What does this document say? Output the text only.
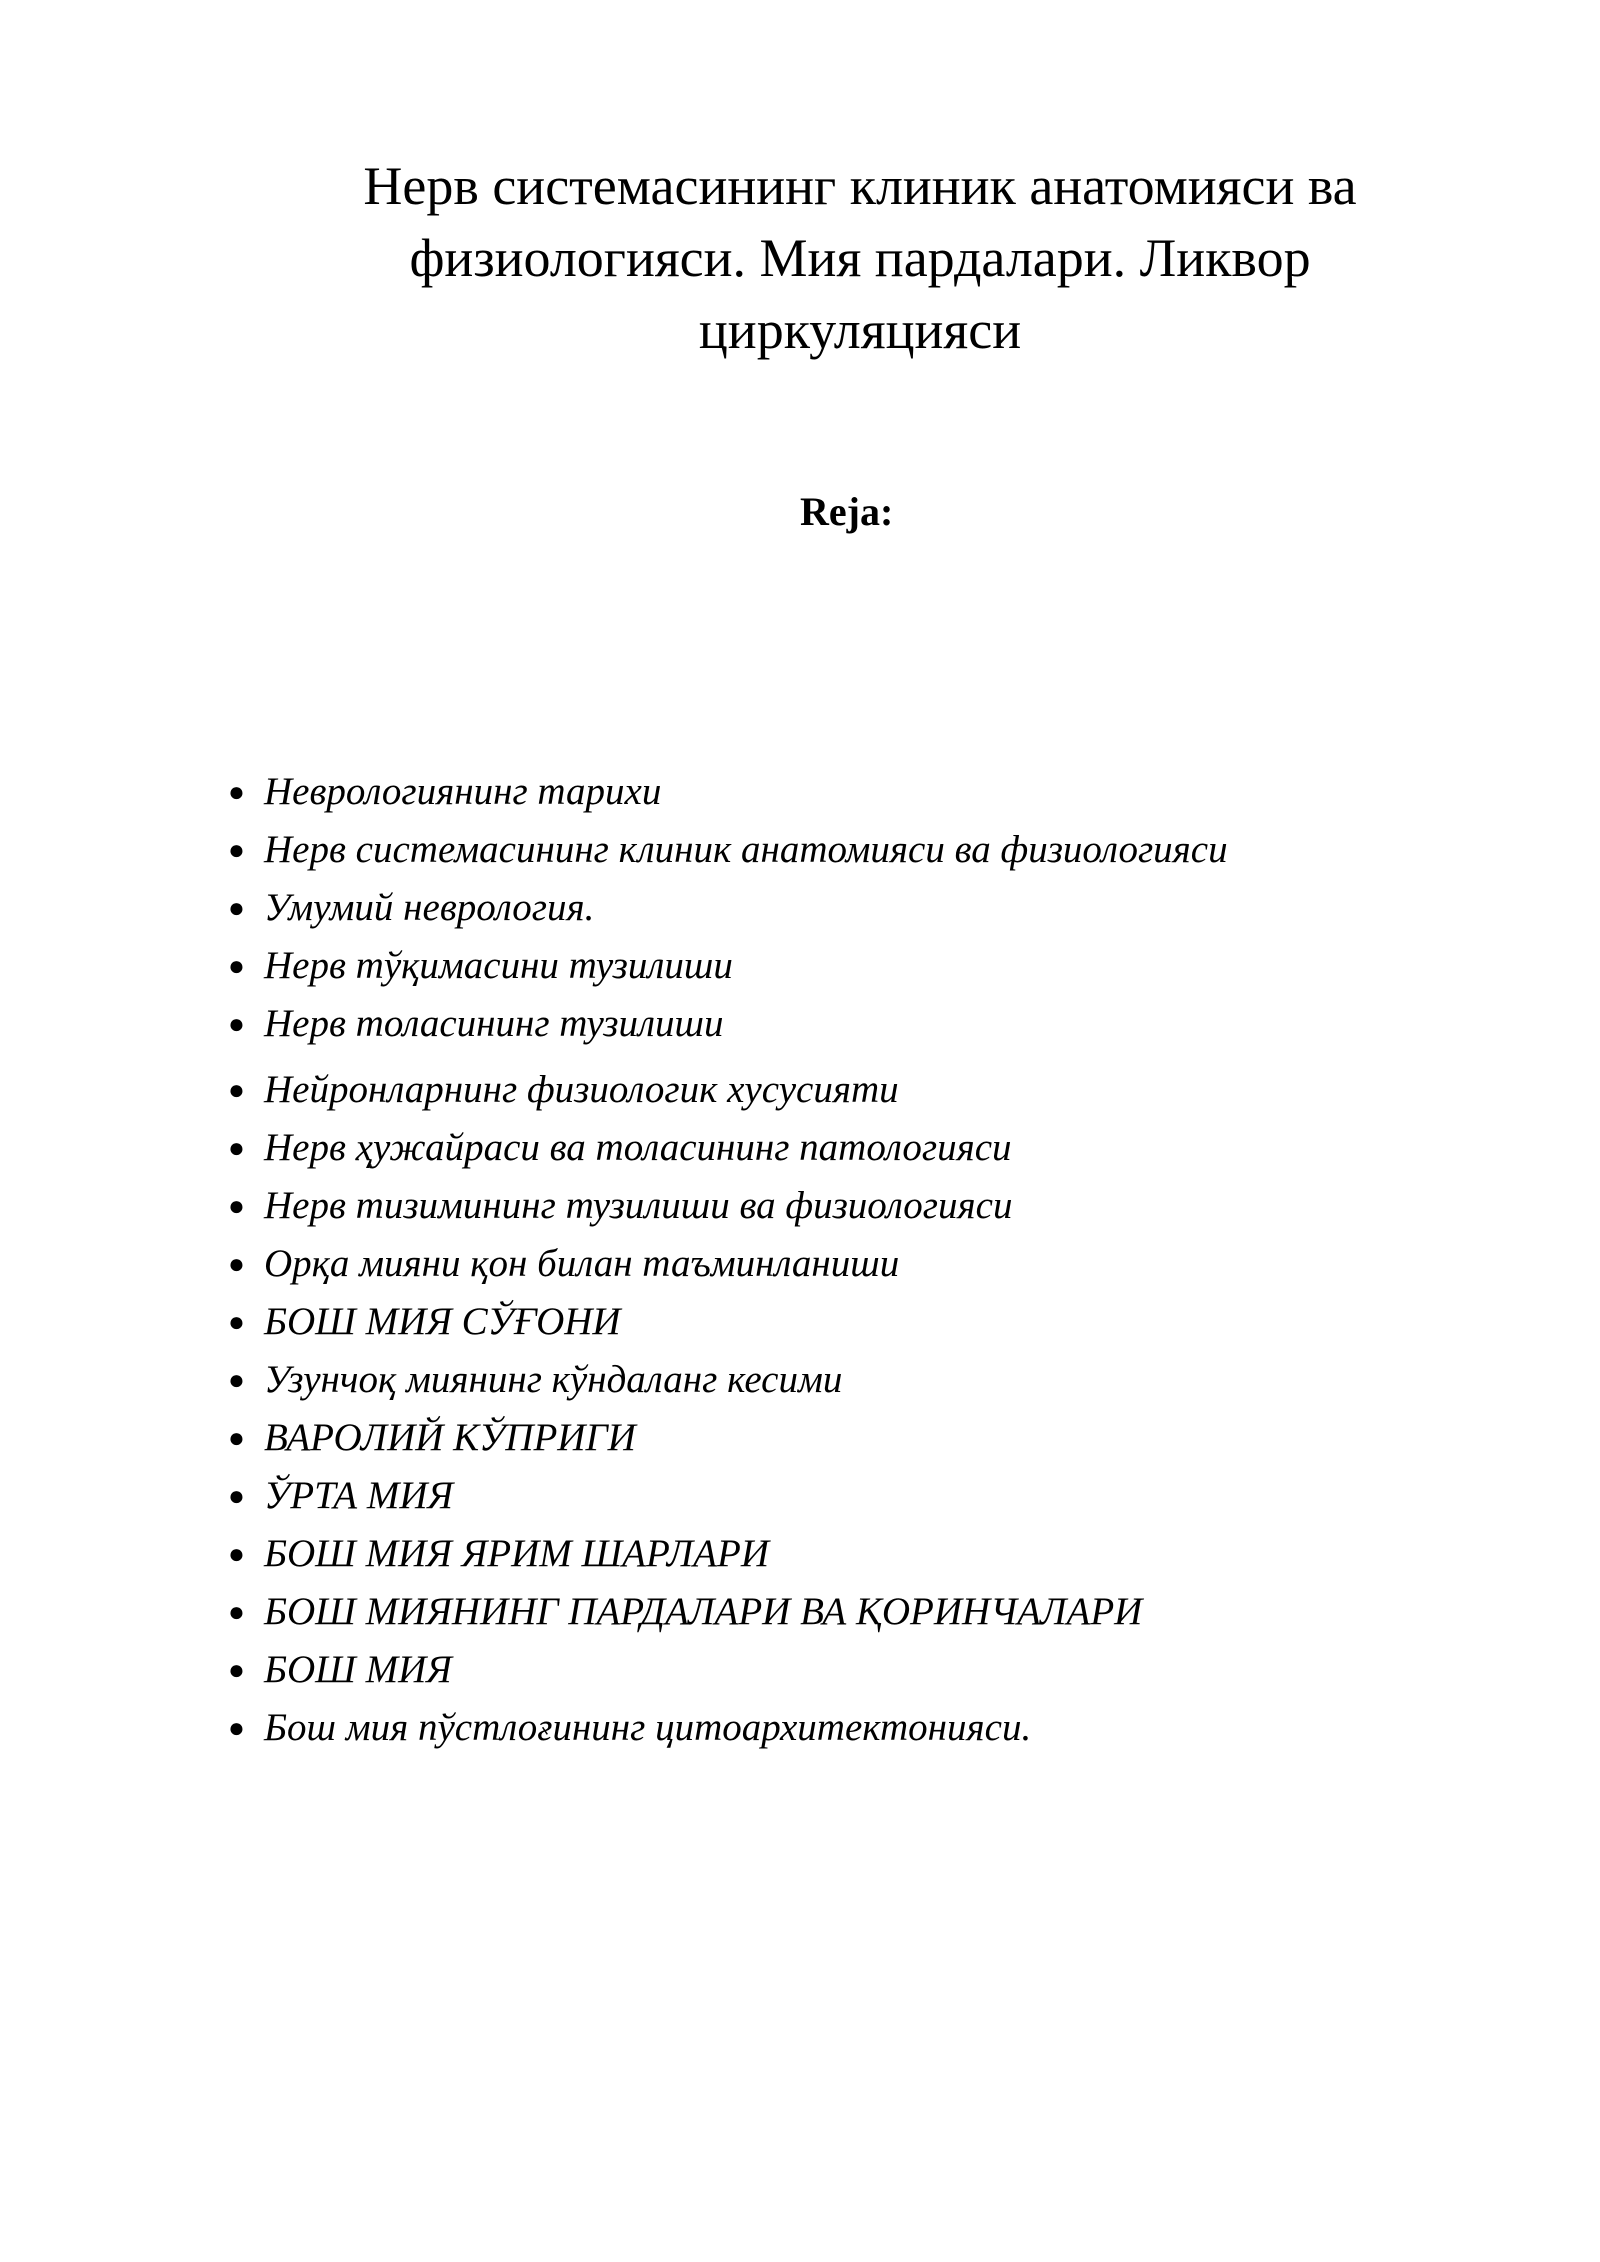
Нерв системасининг клиник анатомияси ва
физиологияси. Мия пардалари. Ликвор
циркуляцияси
Reja:
● Неврологиянинг тарихи
● Нерв системасининг клиник анатомияси ва физиологияси
● Умумий неврология.
● Нерв тўқимасини тузилиши
● Нерв толасининг тузилиши
● Нейронларнинг физиологик хусусияти
● Нерв ҳужайраси ва толасининг патологияси
● Нерв тизимининг тузилиши ва физиологияси
● Орқа мияни қон билан таъминланиши
● БОШ МИЯ СЎҒОНИ
● Узунчоқ миянинг кўндаланг кесими
● ВАРОЛИЙ КЎПРИГИ
● ЎРТА МИЯ
● БОШ МИЯ ЯРИМ ШАРЛАРИ
● БОШ МИЯНИНГ ПАРДАЛАРИ ВА ҚОРИНЧАЛАРИ
● БОШ МИЯ
● Бош мия пўстлоғининг цитоархитектонияси.
